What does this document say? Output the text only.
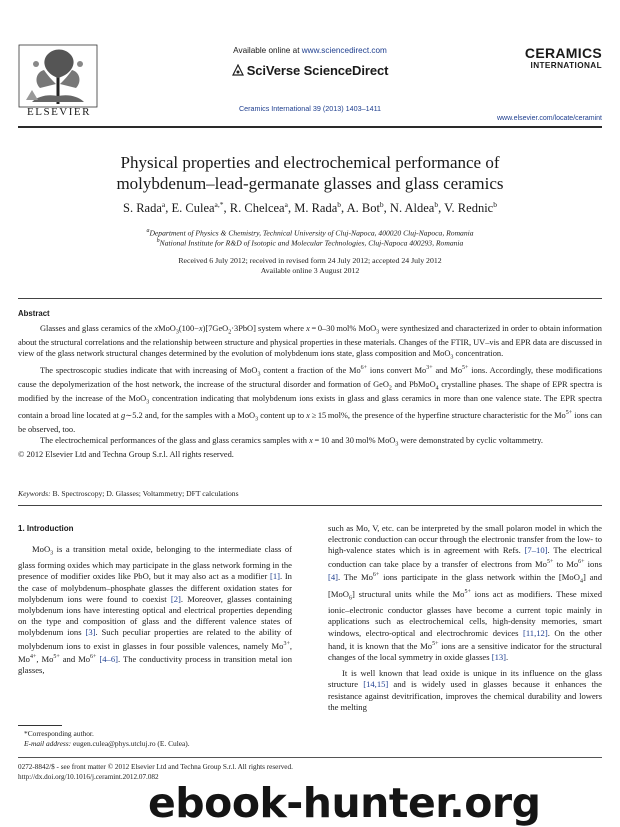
ELSEVIER
Available online at www.sciencedirect.com
SciVerse ScienceDirect
Ceramics International 39 (2013) 1403–1411
CERAMICS
INTERNATIONAL
www.elsevier.com/locate/ceramint
Physical properties and electrochemical performance of
molybdenum–lead-germanate glasses and glass ceramics
S. Rada$^a$, E. Culea$^{a,*}$, R. Chelcea$^a$, M. Rada$^b$, A. Bot$^b$, N. Aldea$^b$, V. Rednic$^b$
$^a$Department of Physics & Chemistry, Technical University of Cluj-Napoca, 400020 Cluj-Napoca, Romania
$^b$National Institute for R&D of Isotopic and Molecular Technologies, Cluj-Napoca 400293, Romania
Received 6 July 2012; received in revised form 24 July 2012; accepted 24 July 2012
Available online 3 August 2012
Abstract

Glasses and glass ceramics of the xMoO$_3$(100−x)[7GeO$_2$·3PbO] system where x = 0–30 mol% MoO$_3$ were synthesized and characterized in order to obtain information about the structural correlations and the relationship between structure and physical properties in these materials. Changes of the FTIR, UV–vis and EPR data are discussed in view of the glass network structural changes determined by the evolution of molybdenum ions state, glass composition and MoO$_3$ concentration.

The spectroscopic studies indicate that with increasing of MoO$_3$ content a fraction of the $Mo^{6+}$ ions convert $Mo^{3+}$ and $Mo^{5+}$ ions. Accordingly, these modifications cause the depolymerization of the host network, the increase of the structural disorder and formation of GeO$_2$ and PbMoO$_4$ crystalline phases. The shape of EPR spectra is modified by the increase of the MoO$_3$ concentration indicating that molybdenum ions exists in glass and glass ceramics in more than one valence state. The EPR spectra contain a broad line located at g∼5.2 and, for the samples with a MoO$_3$ content up to x ≥ 15 mol%, the presence of the hyperfine structure characteristic for the $Mo^{5+}$ ions can be observed, too.

The electrochemical performances of the glass and glass ceramics samples with x = 10 and 30 mol% MoO$_3$ were demonstrated by cyclic voltammetry.

© 2012 Elsevier Ltd and Techna Group S.r.l. All rights reserved.
Keywords: B. Spectroscopy; D. Glasses; Voltammetry; DFT calculations
1. Introduction

MoO$_3$ is a transition metal oxide, belonging to the intermediate class of glass forming oxides which may participate in the glass network forming in the presence of modifier oxides like PbO, but it may also act as a modifier [1]. In the case of molybdenum–phosphate glasses the different oxidation states for molybdenum ions were found to coexist [2]. Moreover, glasses containing molybdenum ions have interesting optical and electrical properties depending on the type and composition of glass and the different valence states of molybdenum ions [3]. Such peculiar properties are related to the ability of molybdenum ions to exist in glasses in four possible valences, namely $Mo^{3+}$, $Mo^{4+}$, $Mo^{5+}$ and $Mo^{6+}$ [4–6]. The conductivity process in transition metal ion glasses,

such as Mo, V, etc. can be interpreted by the small polaron model in which the electronic conduction can occur through the electronic transfer from the low- to high-valence states which is in agreement with Refs. [7–10]. The electrical conduction can take place by a transfer of electrons from $Mo^{5+}$ to $Mo^{6+}$ ions [4]. The $Mo^{6+}$ ions participate in the glass network within the [MoO$_4$] and [MoO$_6$] structural units while the $Mo^{5+}$ ions act as modifiers. These mixed ionic–electronic conductor glasses have become a current topic mainly in applications such as electrochemical cells, high-density memories, smart windows, electro-optical and electrochromic devices [11,12]. On the other hand, it is known that the $Mo^{5+}$ ions are a sensitive indicator for the structural changes of the local symmetry in oxide glasses [13].

It is well known that lead oxide is unique in its influence on the glass structure [14,15] and is widely used in glasses because it enhances the resistance against devitrification, improves the chemical durability and lowers the melting

*Corresponding author.
E-mail address: eugen.culea@phys.utcluj.ro (E. Culea).
0272-8842/$ - see front matter © 2012 Elsevier Ltd and Techna Group S.r.l. All rights reserved.
http://dx.doi.org/10.1016/j.ceramint.2012.07.082
ebook-hunter.org
